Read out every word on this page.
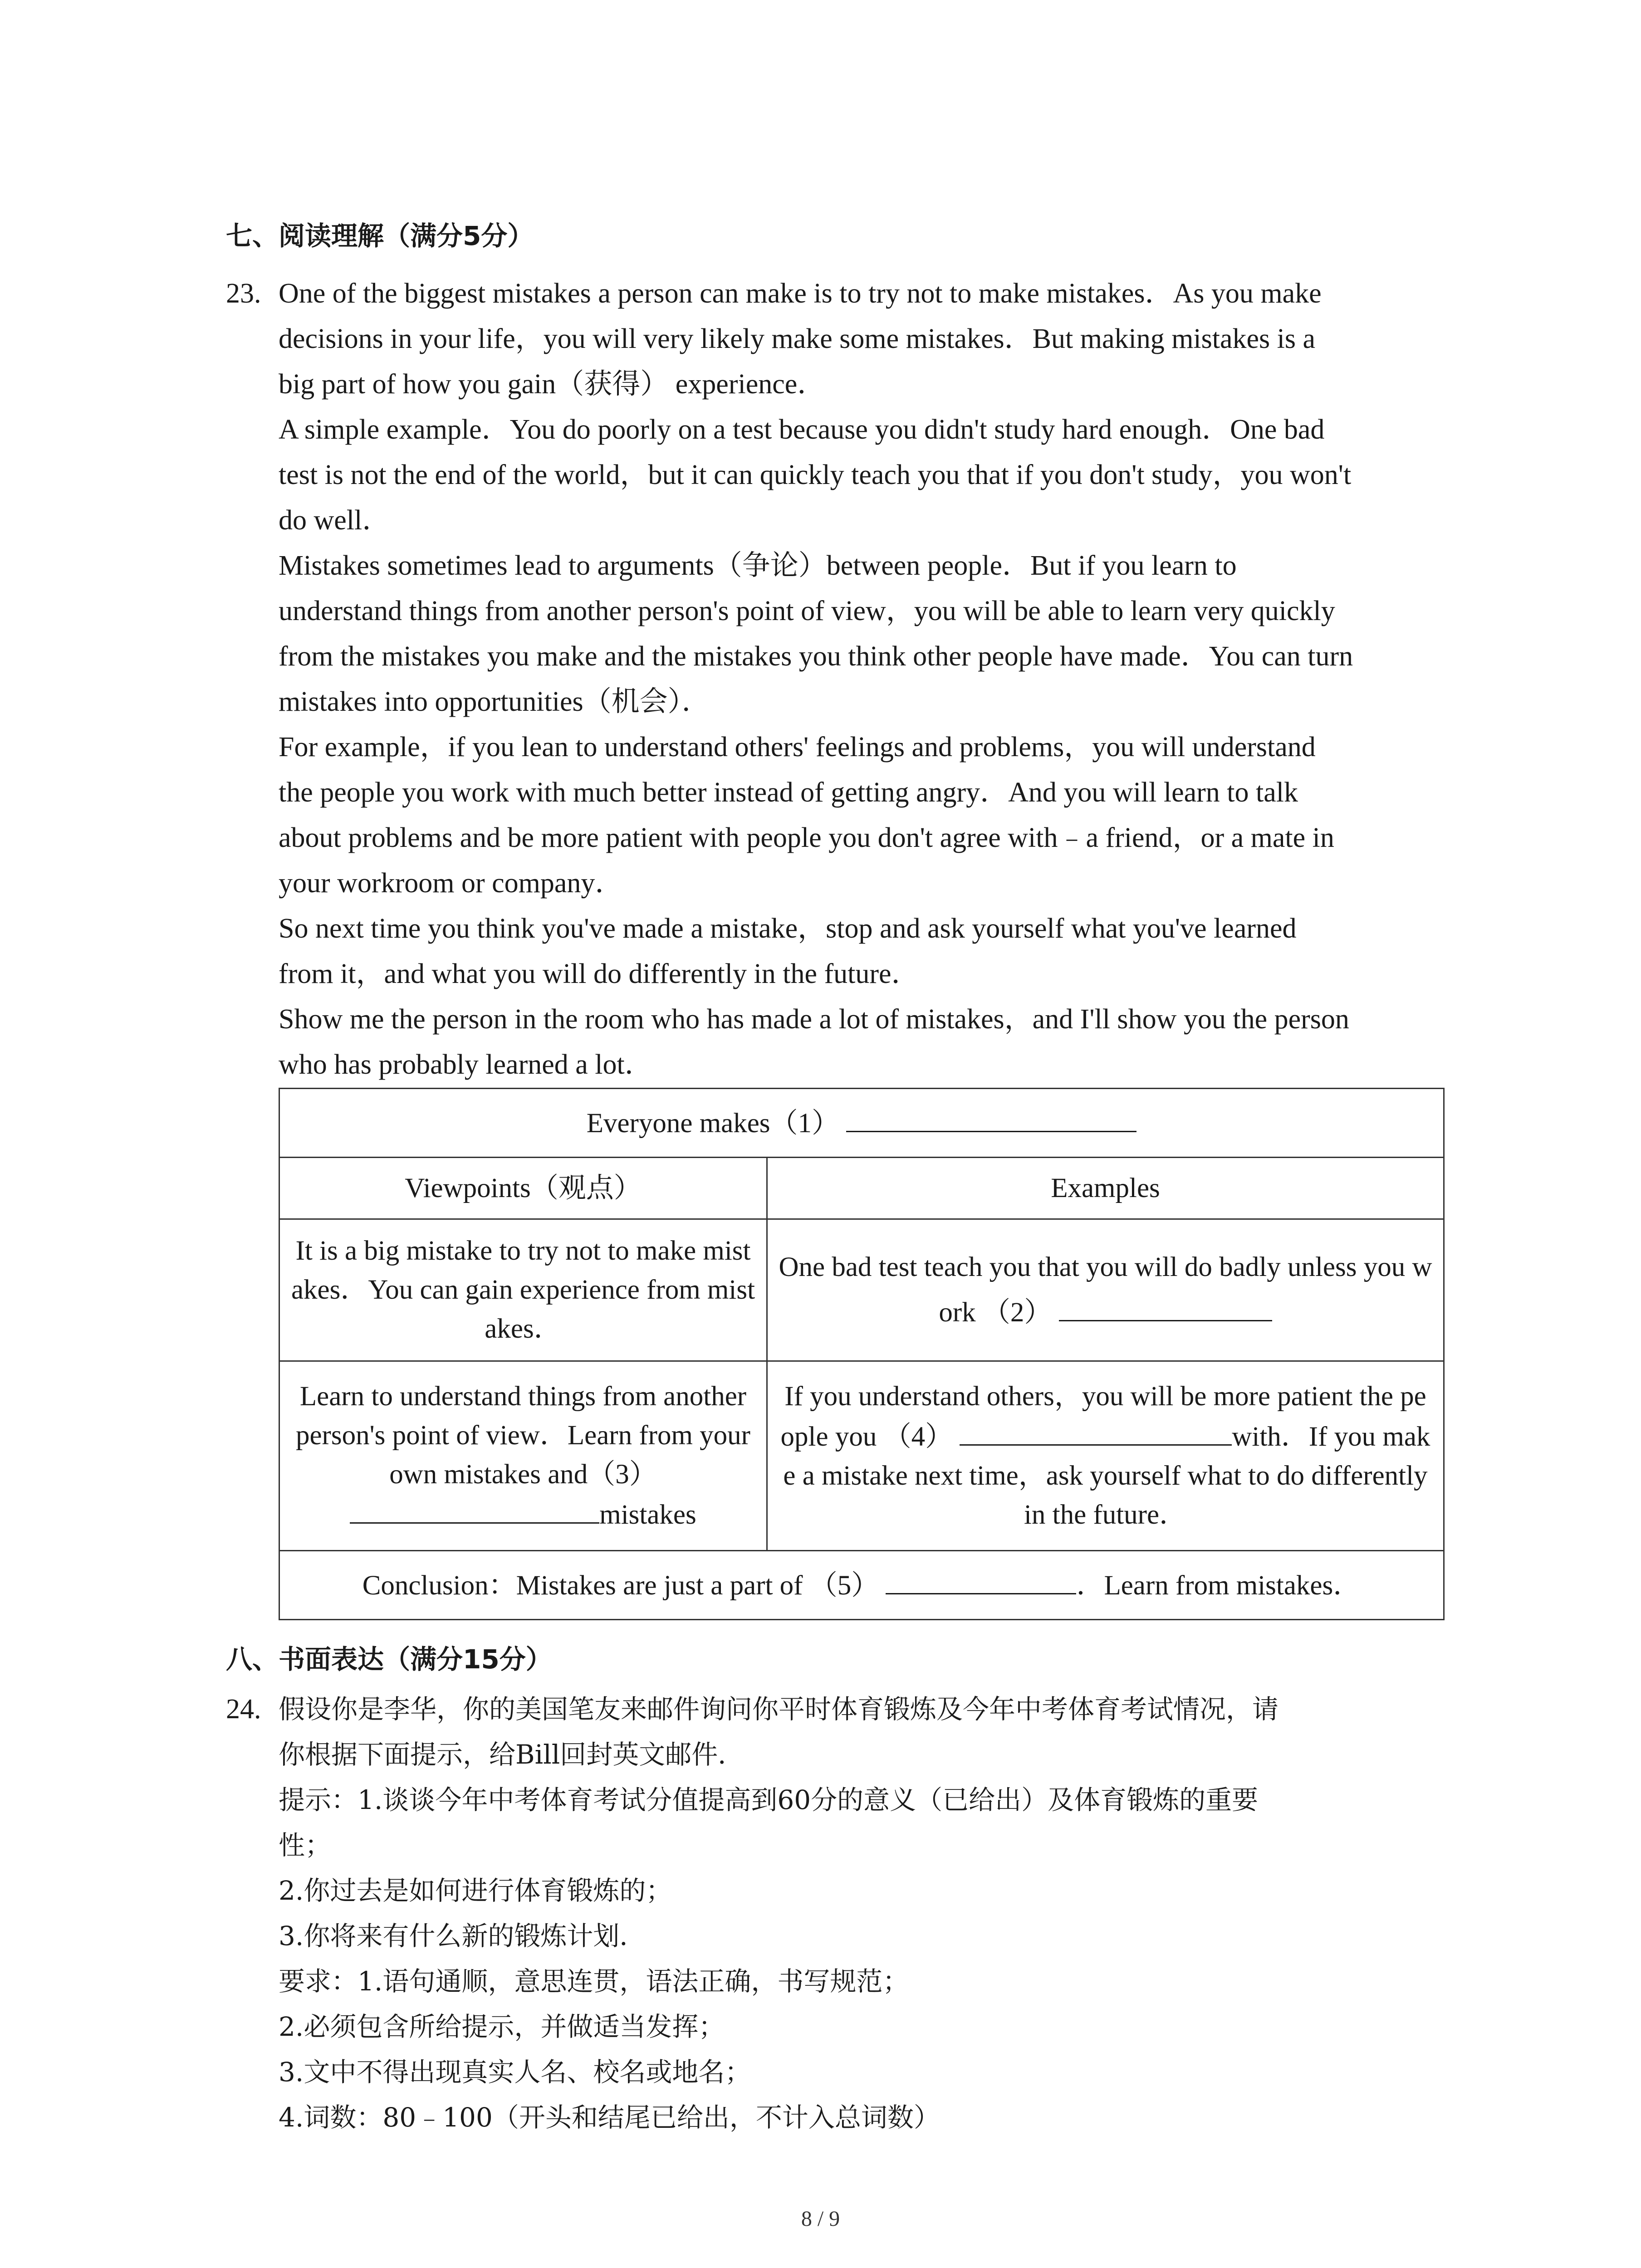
七、阅读理解（满分5分）
23. One of the biggest mistakes a person can make is to try not to make mistakes．As you make
decisions in your life，you will very likely make some mistakes．But making mistakes is a
big part of how you gain（获得） experience．
A simple example．You do poorly on a test because you didn't study hard enough．One bad
test is not the end of the world，but it can quickly teach you that if you don't study，you won't
do well．
Mistakes sometimes lead to arguments（争论）between people．But if you learn to
understand things from another person's point of view，you will be able to learn very quickly
from the mistakes you make and the mistakes you think other people have made．You can turn
mistakes into opportunities（机会）．
For example，if you lean to understand others' feelings and problems，you will understand
the people you work with much better instead of getting angry．And you will learn to talk
about problems and be more patient with people you don't agree with﹣a friend，or a mate in
your workroom or company．
So next time you think you've made a mistake，stop and ask yourself what you've learned
from it，and what you will do differently in the future．
Show me the person in the room who has made a lot of mistakes，and I'll show you the person
who has probably learned a lot．
Everyone makes（1）	
Viewpoints（观点）	Examples
It is a big mistake to try not to make mistakes．You can gain experience from mistakes．	One bad test teach you that you will do badly unless you work （2）
Learn to understand things from another person's point of view．Learn from your own mistakes and（3） mistakes	If you understand others，you will be more patient the people you （4） with．If you make a mistake next time，ask yourself what to do differently in the future．
Conclusion：Mistakes are just a part of （5） ．Learn from mistakes．	
八、书面表达（满分15分）
24. 假设你是李华，你的美国笔友来邮件询问你平时体育锻炼及今年中考体育考试情况，请
你根据下面提示，给Bill回封英文邮件．
提示：1.谈谈今年中考体育考试分值提高到60分的意义（已给出）及体育锻炼的重要
性；
2.你过去是如何进行体育锻炼的；
3.你将来有什么新的锻炼计划．
要求：1.语句通顺，意思连贯，语法正确，书写规范；
2.必须包含所给提示，并做适当发挥；
3.文中不得出现真实人名、校名或地名；
4.词数：80﹣100（开头和结尾已给出，不计入总词数）
8 / 9
